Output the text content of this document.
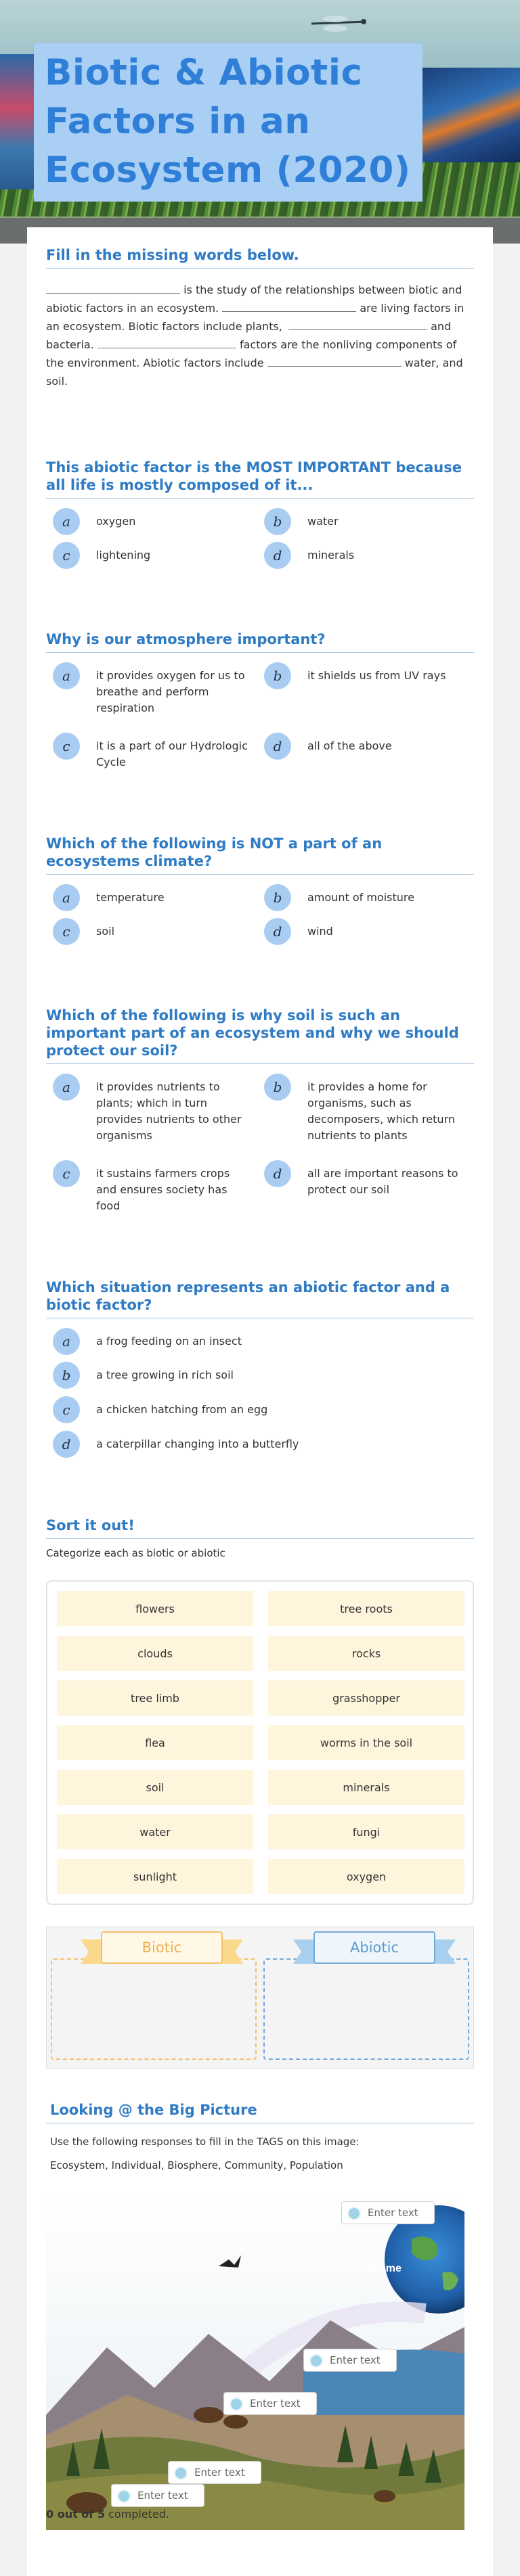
Biotic & Abiotic
Factors in an
Ecosystem (2020)
Fill in the missing words below.

is the study of the relationships between biotic and abiotic factors in an ecosystem.	are living factors in an ecosystem. Biotic factors include plants,	and bacteria.	factors are the nonliving components of the environment. Abiotic factors include	water, and soil.

This abiotic factor is the MOST IMPORTANT because all life is mostly composed of it...
a	oxygen	b	water
c	lightening	d	minerals
Why is our atmosphere important?
a	it provides oxygen for us to breathe and perform respiration
b	it shields us from UV rays
c	it is a part of our Hydrologic Cycle
d	all of the above
Which of the following is NOT a part of an ecosystems climate?
a	temperature	b	amount of moisture
c	soil	d	wind
Which of the following is why soil is such an important part of an ecosystem and why we should protect our soil?
a	it provides nutrients to plants; which in turn provides nutrients to other organisms
b	it provides a home for organisms, such as decomposers, which return nutrients to plants
c	it sustains farmers crops and ensures society has food
d	all are important reasons to protect our soil
Which situation represents an abiotic factor and a biotic factor?
a	a frog feeding on an insect
b	a tree growing in rich soil
c	a chicken hatching from an egg
d	a caterpillar changing into a butterfly
Sort it out!

Categorize each as biotic or abiotic

flowers	tree roots
clouds	rocks
tree limb	grasshopper
flea	worms in the soil
soil	minerals
water	fungi
sunlight	oxygen
Biotic	Abiotic
Looking @ the Big Picture

Use the following responses to fill in the TAGS on this image:

Ecosystem, Individual, Biosphere, Community, Population

Biome
Enter text
Enter text
Enter text
Enter text
Enter text

0 out of 5 completed.
